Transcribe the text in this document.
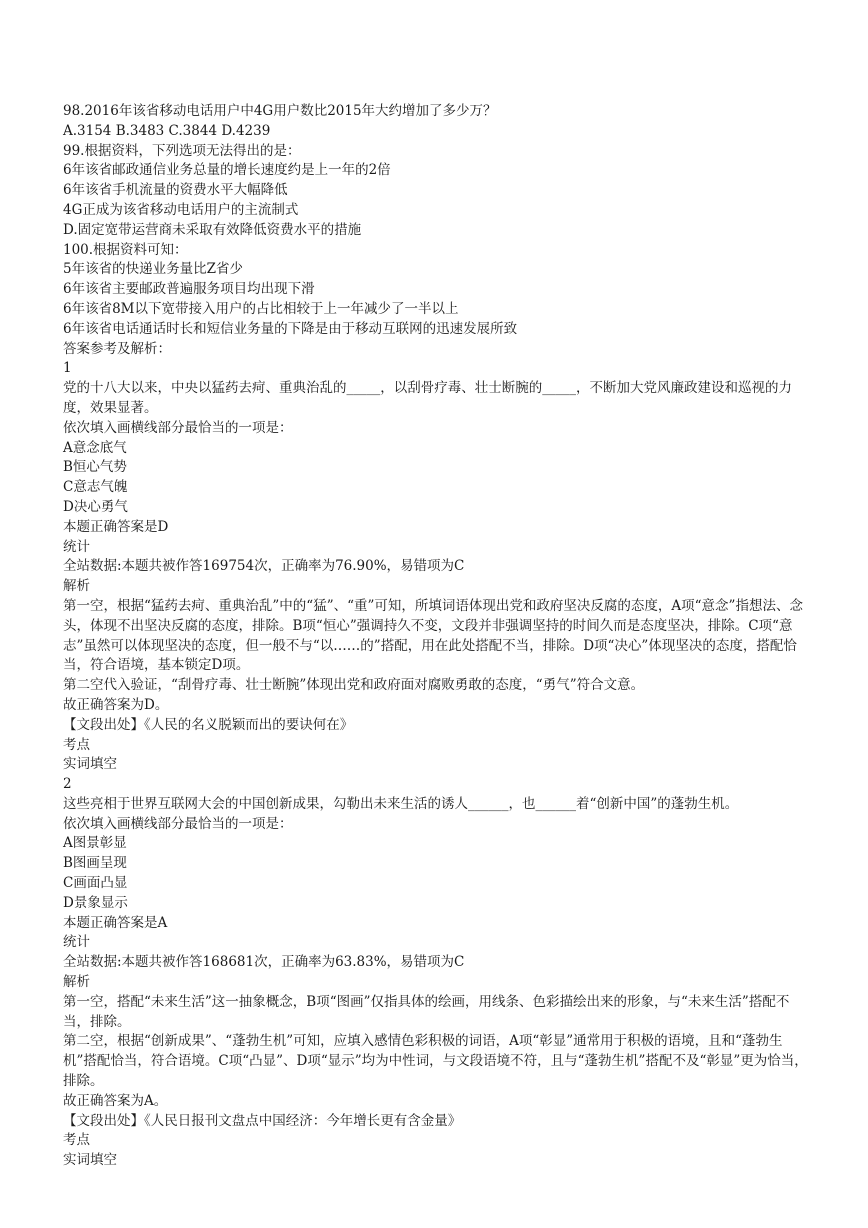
98.2016年该省移动电话用户中4G用户数比2015年大约增加了多少万？

A.3154 B.3483 C.3844 D.4239

99.根据资料，下列选项无法得出的是：

6年该省邮政通信业务总量的增长速度约是上一年的2倍

6年该省手机流量的资费水平大幅降低

4G正成为该省移动电话用户的主流制式

D.固定宽带运营商未采取有效降低资费水平的措施

100.根据资料可知：

5年该省的快递业务量比Z省少

6年该省主要邮政普遍服务项目均出现下滑

6年该省8M以下宽带接入用户的占比相较于上一年减少了一半以上

6年该省电话通话时长和短信业务量的下降是由于移动互联网的迅速发展所致

答案参考及解析：

1

党的十八大以来，中央以猛药去疴、重典治乱的_____，以刮骨疗毒、壮士断腕的_____，不断加大党风廉政建设和巡视的力度，效果显著。

依次填入画横线部分最恰当的一项是：

A意念底气

B恒心气势

C意志气魄

D决心勇气

本题正确答案是D

统计

全站数据:本题共被作答169754次，正确率为76.90%，易错项为C

解析

第一空，根据“猛药去疴、重典治乱”中的“猛”、“重”可知，所填词语体现出党和政府坚决反腐的态度，A项“意念”指想法、念头，体现不出坚决反腐的态度，排除。B项“恒心”强调持久不变，文段并非强调坚持的时间久而是态度坚决，排除。C项“意志”虽然可以体现坚决的态度，但一般不与“以……的”搭配，用在此处搭配不当，排除。D项“决心”体现坚决的态度，搭配恰当，符合语境，基本锁定D项。

第二空代入验证，“刮骨疗毒、壮士断腕”体现出党和政府面对腐败勇敢的态度，“勇气”符合文意。

故正确答案为D。

【文段出处】《人民的名义脱颖而出的要诀何在》

考点

实词填空

2

这些亮相于世界互联网大会的中国创新成果，勾勒出未来生活的诱人______，也______着“创新中国”的蓬勃生机。

依次填入画横线部分最恰当的一项是：

A图景彰显

B图画呈现

C画面凸显

D景象显示

本题正确答案是A

统计

全站数据:本题共被作答168681次，正确率为63.83%，易错项为C

解析

第一空，搭配“未来生活”这一抽象概念，B项“图画”仅指具体的绘画，用线条、色彩描绘出来的形象，与“未来生活”搭配不当，排除。

第二空，根据“创新成果”、“蓬勃生机”可知，应填入感情色彩积极的词语，A项“彰显”通常用于积极的语境，且和“蓬勃生机”搭配恰当，符合语境。C项“凸显”、D项“显示”均为中性词，与文段语境不符，且与“蓬勃生机”搭配不及“彰显”更为恰当，排除。

故正确答案为A。

【文段出处】《人民日报刊文盘点中国经济：今年增长更有含金量》

考点

实词填空
